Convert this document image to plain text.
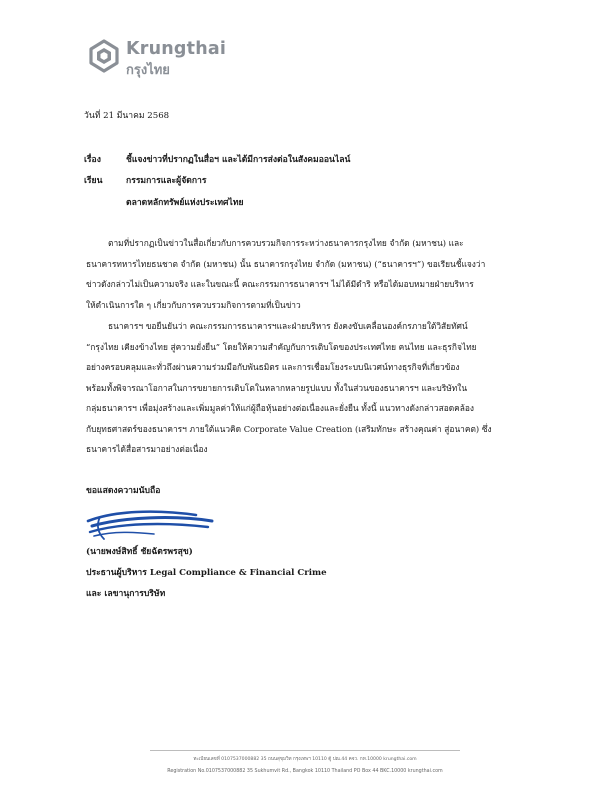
Krungthai
กรุงไทย
วันที่ 21 มีนาคม 2568
เรื่อง	ชี้แจงข่าวที่ปรากฏในสื่อฯ และได้มีการส่งต่อในสังคมออนไลน์
เรียน	กรรมการและผู้จัดการ
ตลาดหลักทรัพย์แห่งประเทศไทย
ตามที่ปรากฏเป็นข่าวในสื่อเกี่ยวกับการควบรวมกิจการระหว่างธนาคารกรุงไทย จำกัด (มหาชน) และ
ธนาคารทหารไทยธนชาต จำกัด (มหาชน) นั้น ธนาคารกรุงไทย จำกัด (มหาชน) (“ธนาคารฯ”) ขอเรียนชี้แจงว่า
ข่าวดังกล่าวไม่เป็นความจริง และในขณะนี้ คณะกรรมการธนาคารฯ ไม่ได้มีดำริ หรือได้มอบหมายฝ่ายบริหาร
ให้ดำเนินการใด ๆ เกี่ยวกับการควบรวมกิจการตามที่เป็นข่าว
ธนาคารฯ ขอยืนยันว่า คณะกรรมการธนาคารฯและฝ่ายบริหาร ยังคงขับเคลื่อนองค์กรภายใต้วิสัยทัศน์
“กรุงไทย เคียงข้างไทย สู่ความยั่งยืน” โดยให้ความสำคัญกับการเติบโตของประเทศไทย คนไทย และธุรกิจไทย
อย่างครอบคลุมและทั่วถึงผ่านความร่วมมือกับพันธมิตร และการเชื่อมโยงระบบนิเวศน์ทางธุรกิจที่เกี่ยวข้อง
พร้อมทั้งพิจารณาโอกาสในการขยายการเติบโตในหลากหลายรูปแบบ ทั้งในส่วนของธนาคารฯ และบริษัทใน
กลุ่มธนาคารฯ เพื่อมุ่งสร้างและเพิ่มมูลค่าให้แก่ผู้ถือหุ้นอย่างต่อเนื่องและยั่งยืน ทั้งนี้ แนวทางดังกล่าวสอดคล้อง
กับยุทธศาสตร์ของธนาคารฯ ภายใต้แนวคิด Corporate Value Creation (เสริมทักษะ สร้างคุณค่า สู่อนาคต) ซึ่ง
ธนาคารได้สื่อสารมาอย่างต่อเนื่อง
ขอแสดงความนับถือ
(นายพงษ์สิทธิ์ ชัยฉัตรพรสุข)
ประธานผู้บริหาร Legal Compliance & Financial Crime
และ เลขานุการบริษัท
ทะเบียนเลขที่ 0107537000882 35 ถนนสุขุมวิท กรุงเทพฯ 10110 ตู้ ปณ.44 คจว. กท.10000 krungthai.com
Registration No.0107537000882 35 Sukhumvit Rd., Bangkok 10110 Thailand PO Box 44 BKC.10000 krungthai.com
